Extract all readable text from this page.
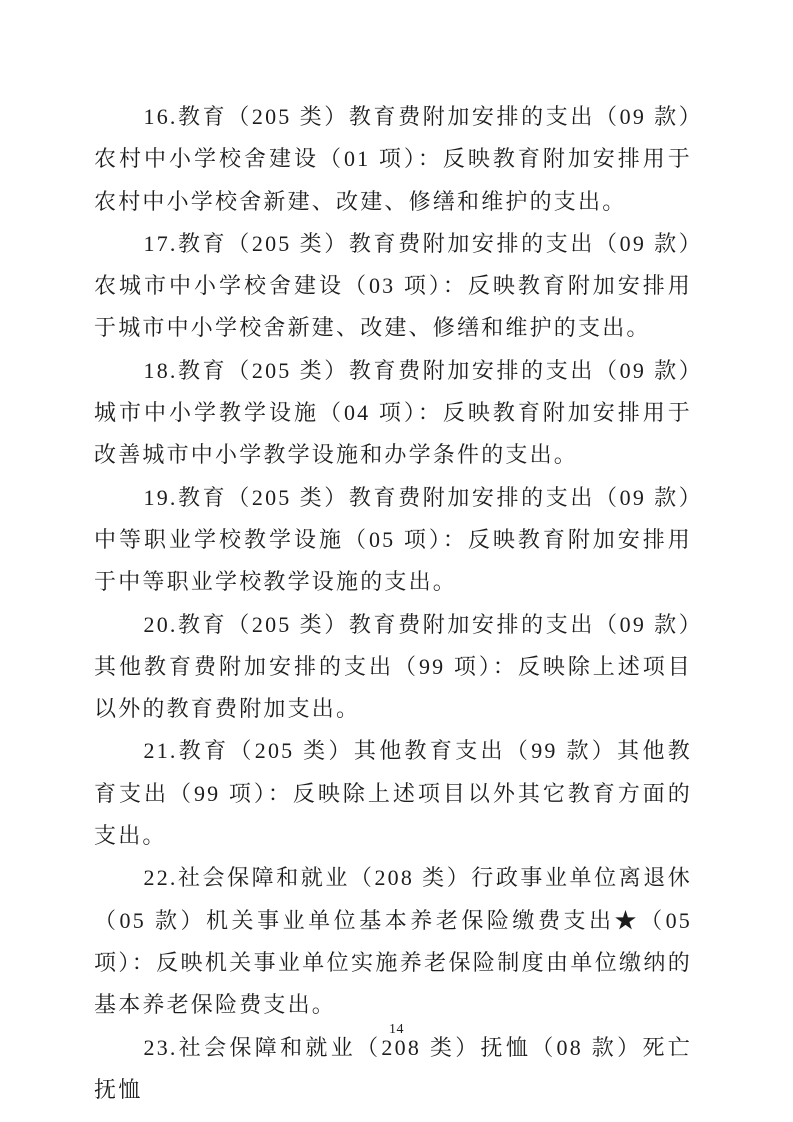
16.教育（205 类）教育费附加安排的支出（09 款）农村中小学校舍建设（01 项）：反映教育附加安排用于农村中小学校舍新建、改建、修缮和维护的支出。

17.教育（205 类）教育费附加安排的支出（09 款）农城市中小学校舍建设（03 项）：反映教育附加安排用于城市中小学校舍新建、改建、修缮和维护的支出。

18.教育（205 类）教育费附加安排的支出（09 款）城市中小学教学设施（04 项）：反映教育附加安排用于改善城市中小学教学设施和办学条件的支出。

19.教育（205 类）教育费附加安排的支出（09 款）中等职业学校教学设施（05 项）：反映教育附加安排用于中等职业学校教学设施的支出。

20.教育（205 类）教育费附加安排的支出（09 款）其他教育费附加安排的支出（99 项）：反映除上述项目以外的教育费附加支出。

21.教育（205 类）其他教育支出（99 款）其他教育支出（99 项）：反映除上述项目以外其它教育方面的支出。

22.社会保障和就业（208 类）行政事业单位离退休（05 款）机关事业单位基本养老保险缴费支出★（05 项）：反映机关事业单位实施养老保险制度由单位缴纳的基本养老保险费支出。

23.社会保障和就业（208 类）抚恤（08 款）死亡抚恤

14
